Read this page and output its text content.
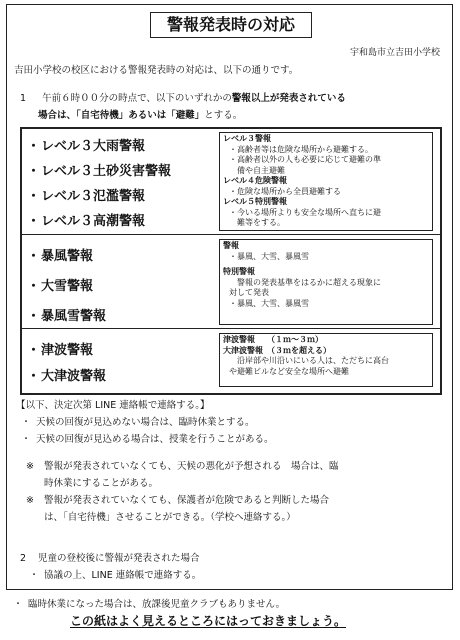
警報発表時の対応
宇和島市立吉田小学校
吉田小学校の校区における警報発表時の対応は、以下の通りです。
1 午前６時００分の時点で、以下のいずれかの警報以上が発表されている
場合は、「自宅待機」あるいは「避難」とする。
・レベル３大雨警報
・レベル３土砂災害警報
・レベル３氾濫警報
・レベル３高潮警報
レベル３警報
・高齢者等は危険な場所から避難する。
・高齢者以外の人も必要に応じて避難の準
備や自主避難
レベル４危険警報
・危険な場所から全員避難する
レベル５特別警報
・今いる場所よりも安全な場所へ直ちに避
難等をする。
・暴風警報
・大雪警報
・暴風雪警報
警報
・暴風、大雪、暴風雪
特別警報
　警報の発表基準をはるかに超える現象に
対して発表
・暴風、大雪、暴風雪
・津波警報
・大津波警報
津波警報　　（１ｍ～３ｍ）
大津波警報　（３ｍを超える）
沿岸部や川沿いにいる人は、ただちに高台
や避難ビルなど安全な場所へ避難
【以下、決定次第 LINE 連絡帳で連絡する。】
・ 天候の回復が見込めない場合は、臨時休業とする。
・ 天候の回復が見込める場合は、授業を行うことがある。
※ 警報が発表されていなくても、天候の悪化が予想される　場合は、臨
時休業にすることがある。
※ 警報が発表されていなくても、保護者が危険であると判断した場合
は、「自宅待機」させることができる。（学校へ連絡する。）
2 児童の登校後に警報が発表された場合
・ 協議の上、LINE 連絡帳で連絡する。
・ 臨時休業になった場合は、放課後児童クラブもありません。
この紙はよく見えるところにはっておきましょう。
